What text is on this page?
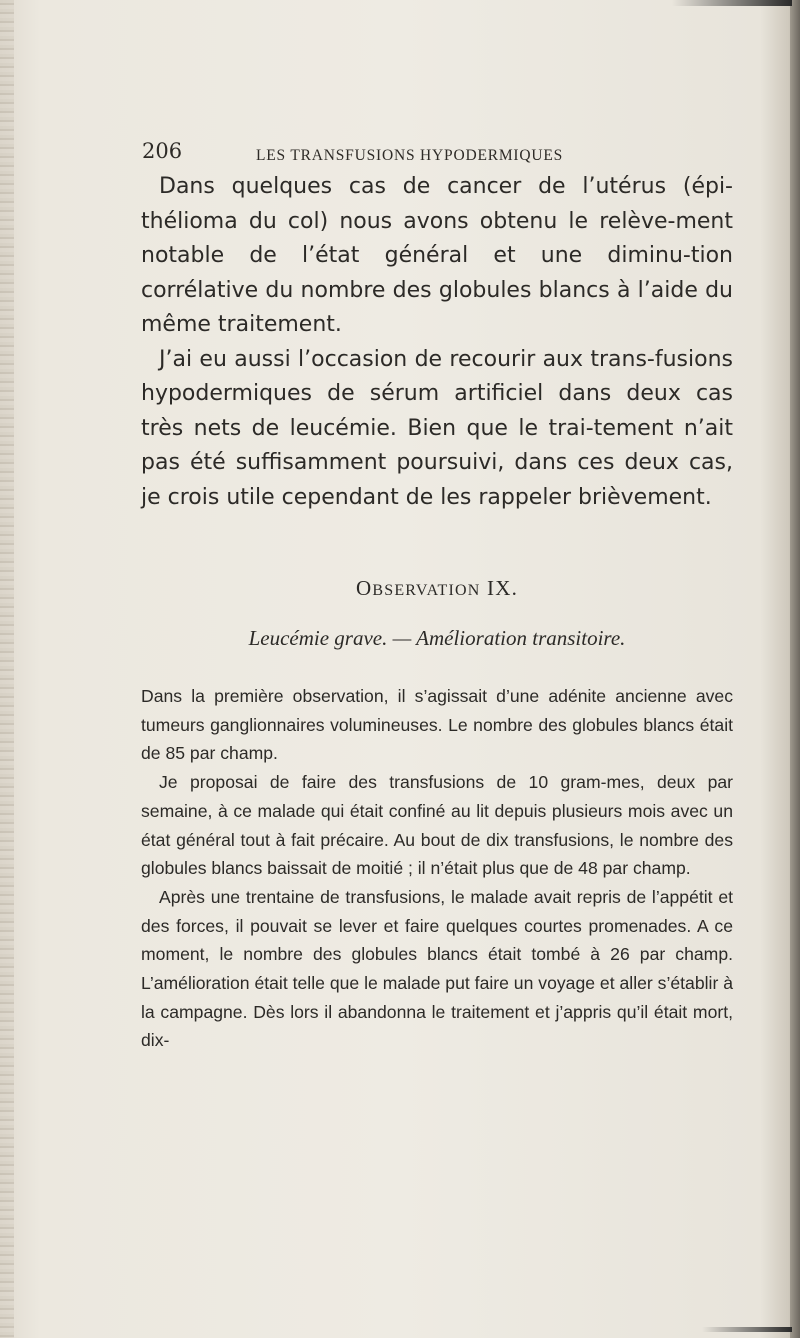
206	LES TRANSFUSIONS HYPODERMIQUES

Dans quelques cas de cancer de l’utérus (épi-thélioma du col) nous avons obtenu le relève-ment notable de l’état général et une diminu-tion corrélative du nombre des globules blancs à l’aide du même traitement.

J’ai eu aussi l’occasion de recourir aux trans-fusions hypodermiques de sérum artificiel dans deux cas très nets de leucémie. Bien que le trai-tement n’ait pas été suffisamment poursuivi, dans ces deux cas, je crois utile cependant de les rappeler brièvement.

OBSERVATION IX.

Leucémie grave. — Amélioration transitoire.

Dans la première observation, il s’agissait d’une adénite ancienne avec tumeurs ganglionnaires volumineuses. Le nombre des globules blancs était de 85 par champ.

Je proposai de faire des transfusions de 10 gram-mes, deux par semaine, à ce malade qui était confiné au lit depuis plusieurs mois avec un état général tout à fait précaire. Au bout de dix transfusions, le nombre des globules blancs baissait de moitié ; il n’était plus que de 48 par champ.

Après une trentaine de transfusions, le malade avait repris de l’appétit et des forces, il pouvait se lever et faire quelques courtes promenades. A ce moment, le nombre des globules blancs était tombé à 26 par champ. L’amélioration était telle que le malade put faire un voyage et aller s’établir à la campagne. Dès lors il abandonna le traitement et j’appris qu’il était mort, dix-
